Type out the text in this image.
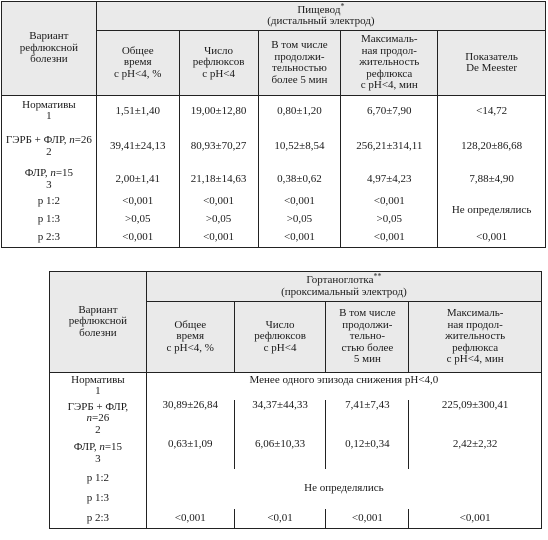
Вариант
рефлюксной
болезни	Пищевод*
(дистальный электрод)				
	Общее
время
с рН<4, %	Число
рефлюксов
с рН<4	В том числе
продолжи-
тельностью
более 5 мин	Максималь-
ная продол-
жительность
рефлюкса
с рН<4, мин	Показатель
De Meester
Нормативы
1	1,51±1,40	19,00±12,80	0,80±1,20	6,70±7,90	<14,72
ГЭРБ + ФЛР, n=26
2	39,41±24,13	80,93±70,27	10,52±8,54	256,21±314,11	128,20±86,68
ФЛР, n=15
3	2,00±1,41	21,18±14,63	0,38±0,62	4,97±4,23	7,88±4,90
р 1:2	<0,001	<0,001	<0,001	<0,001	Не определялись
р 1:3	>0,05	>0,05	>0,05	>0,05	
р 2:3	<0,001	<0,001	<0,001	<0,001	<0,001
Вариант
рефлюксной
болезни	Гортаноглотка**
(проксимальный электрод)			
	Общее
время
с рН<4, %	Число
рефлюксов
с рН<4	В том числе
продолжи-
тельно-
стью более
5 мин	Максималь-
ная продол-
жительность
рефлюкса
с рН<4, мин
Нормативы
1	Менее одного эпизода снижения рН<4,0			
ГЭРБ + ФЛР,
n=26
2	30,89±26,84	34,37±44,33	7,41±7,43	225,09±300,41
ФЛР, n=15
3	0,63±1,09	6,06±10,33	0,12±0,34	2,42±2,32
р 1:2	Не определялись			
р 1:3				
р 2:3	<0,001	<0,01	<0,001	<0,001
